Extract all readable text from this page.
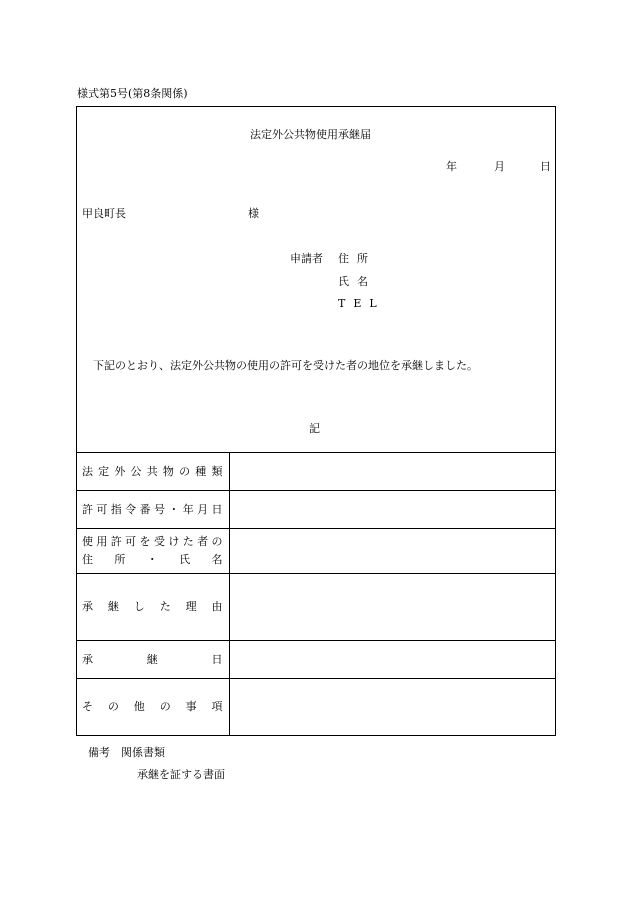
様式第5号(第8条関係)
法定外公共物使用承継届
年	月	日
甲良町長	様
申請者 住所
氏名
TEL
下記のとおり、法定外公共物の使用の許可を受けた者の地位を承継しました。
記
法定外公共物の種類	

許可指令番号・年月日	

使用許可を受けた者の
住所・氏名	

承継した理由	

承継日	

その他の事項	

備考　関係書類
承継を証する書面
